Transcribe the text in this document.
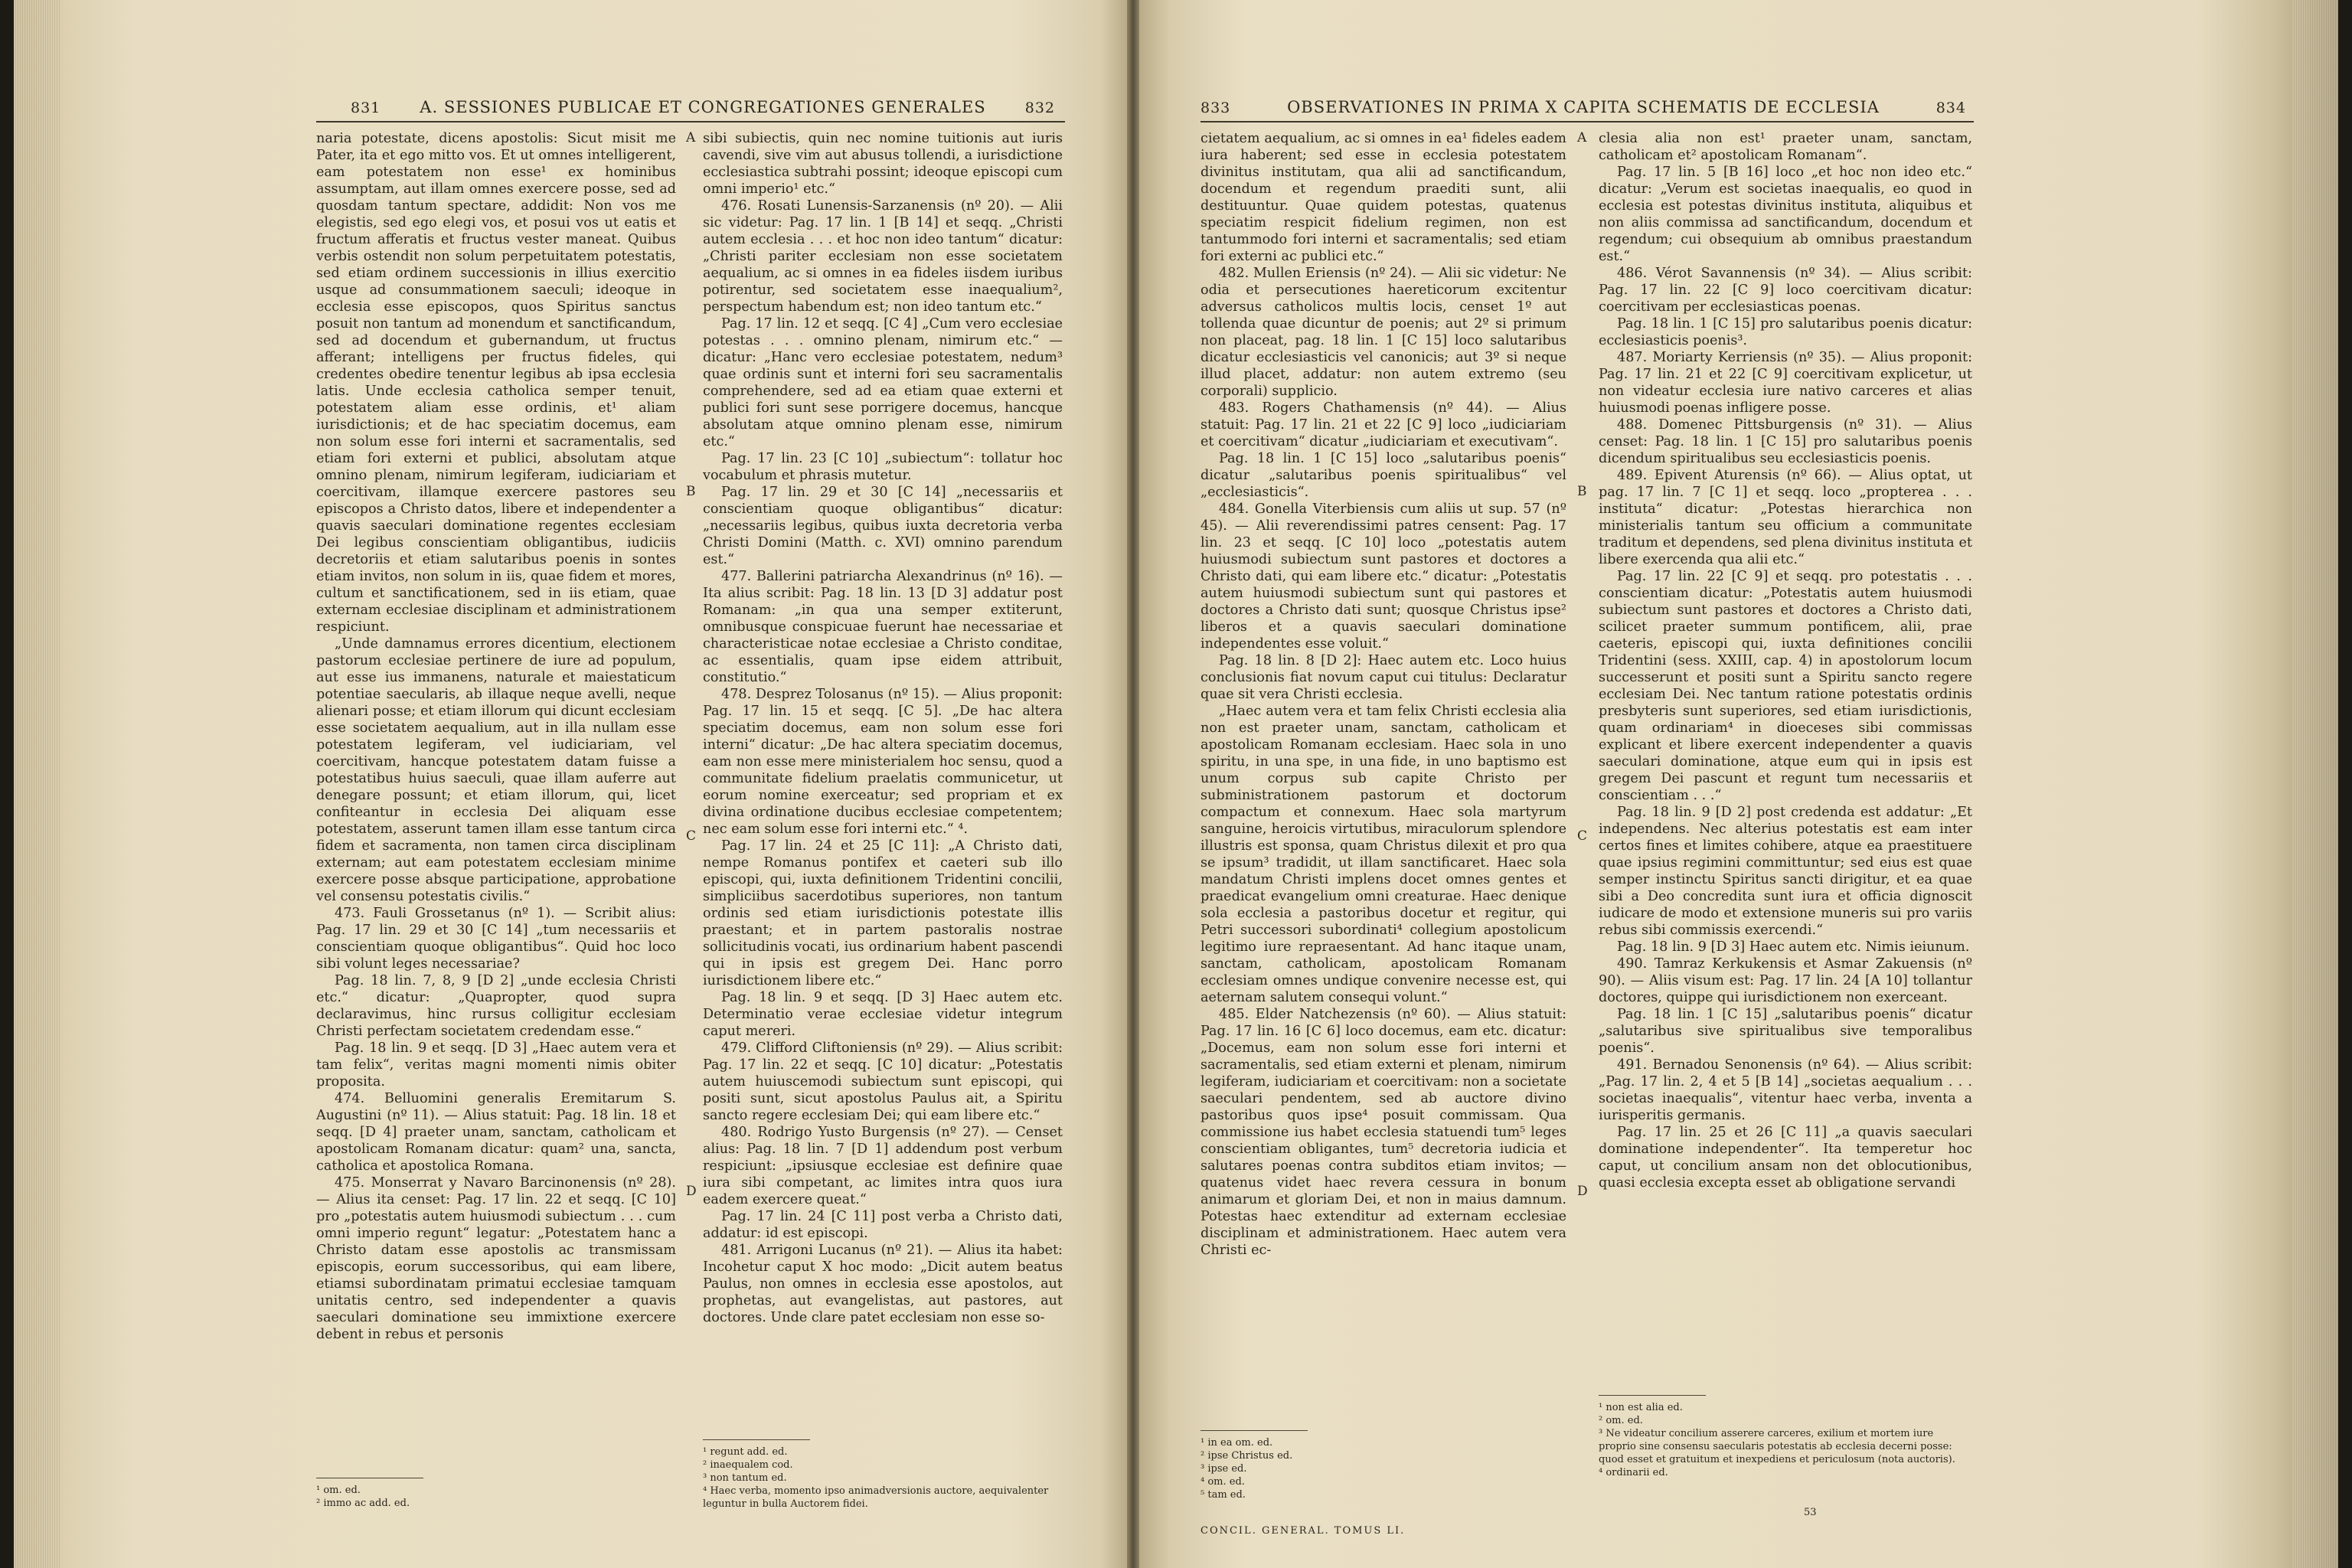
831 A. SESSIONES PUBLICAE ET CONGREGATIONES GENERALES	832

naria potestate, dicens apostolis: Sicut misit me Pater, ita et ego mitto vos. Et ut omnes intelligerent, eam potestatem non esse¹ ex hominibus assumptam, aut illam omnes exercere posse, sed ad quosdam tantum spectare, addidit: Non vos me elegistis, sed ego elegi vos, et posui vos ut eatis et fructum afferatis et fructus vester maneat. Quibus verbis ostendit non solum perpetuitatem potestatis, sed etiam ordinem successionis in illius exercitio usque ad consummationem saeculi; ideoque in ecclesia esse episcopos, quos Spiritus sanctus posuit non tantum ad monendum et sanctificandum, sed ad docendum et gubernandum, ut fructus afferant; intelligens per fructus fideles, qui credentes obedire tenentur legibus ab ipsa ecclesia latis. Unde ecclesia catholica semper tenuit, potestatem aliam esse ordinis, et¹ aliam iurisdictionis; et de hac speciatim docemus, eam non solum esse fori interni et sacramentalis, sed etiam fori externi et publici, absolutam atque omnino plenam, nimirum legiferam, iudiciariam et coercitivam, illamque exercere pastores seu episcopos a Christo datos, libere et independenter a quavis saeculari dominatione regentes ecclesiam Dei legibus conscientiam obligantibus, iudiciis decretoriis et etiam salutaribus poenis in sontes etiam invitos, non solum in iis, quae fidem et mores, cultum et sanctificationem, sed in iis etiam, quae externam ecclesiae disciplinam et administrationem respiciunt.

„Unde damnamus errores dicentium, electionem pastorum ecclesiae pertinere de iure ad populum, aut esse ius immanens, naturale et maiestaticum potentiae saecularis, ab illaque neque avelli, neque alienari posse; et etiam illorum qui dicunt ecclesiam esse societatem aequalium, aut in illa nullam esse potestatem legiferam, vel iudiciariam, vel coercitivam, hancque potestatem datam fuisse a potestatibus huius saeculi, quae illam auferre aut denegare possunt; et etiam illorum, qui, licet confiteantur in ecclesia Dei aliquam esse potestatem, asserunt tamen illam esse tantum circa fidem et sacramenta, non tamen circa disciplinam externam; aut eam potestatem ecclesiam minime exercere posse absque participatione, approbatione vel consensu potestatis civilis.“

473. Fauli Grossetanus (nº 1). — Scribit alius: Pag. 17 lin. 29 et 30 [C 14] „tum necessariis et conscientiam quoque obligantibus“. Quid hoc loco sibi volunt leges necessariae?

Pag. 18 lin. 7, 8, 9 [D 2] „unde ecclesia Christi etc.“ dicatur: „Quapropter, quod supra declaravimus, hinc rursus colligitur ecclesiam Christi perfectam societatem credendam esse.“

Pag. 18 lin. 9 et seqq. [D 3] „Haec autem vera et tam felix“, veritas magni momenti nimis obiter proposita.

474. Belluomini generalis Eremitarum S. Augustini (nº 11). — Alius statuit: Pag. 18 lin. 18 et seqq. [D 4] praeter unam, sanctam, catholicam et apostolicam Romanam dicatur: quam² una, sancta, catholica et apostolica Romana.

475. Monserrat y Navaro Barcinonensis (nº 28). — Alius ita censet: Pag. 17 lin. 22 et seqq. [C 10] pro „potestatis autem huiusmodi subiectum . . . cum omni imperio regunt“ legatur: „Potestatem hanc a Christo datam esse apostolis ac transmissam episcopis, eorum successoribus, qui eam libere, etiamsi subordinatam primatui ecclesiae tamquam unitatis centro, sed independenter a quavis saeculari dominatione seu immixtione exercere debent in rebus et personis

sibi subiectis, quin nec nomine tuitionis aut iuris cavendi, sive vim aut abusus tollendi, a iurisdictione ecclesiastica subtrahi possint; ideoque episcopi cum omni imperio¹ etc.“

476. Rosati Lunensis-Sarzanensis (nº 20). — Alii sic videtur: Pag. 17 lin. 1 [B 14] et seqq. „Christi autem ecclesia . . . et hoc non ideo tantum“ dicatur: „Christi pariter ecclesiam non esse societatem aequalium, ac si omnes in ea fideles iisdem iuribus potirentur, sed societatem esse inaequalium², perspectum habendum est; non ideo tantum etc.“

Pag. 17 lin. 12 et seqq. [C 4] „Cum vero ecclesiae potestas . . . omnino plenam, nimirum etc.“ — dicatur: „Hanc vero ecclesiae potestatem, nedum³ quae ordinis sunt et interni fori seu sacramentalis comprehendere, sed ad ea etiam quae externi et publici fori sunt sese porrigere docemus, hancque absolutam atque omnino plenam esse, nimirum etc.“

Pag. 17 lin. 23 [C 10] „subiectum“: tollatur hoc vocabulum et phrasis mutetur.

Pag. 17 lin. 29 et 30 [C 14] „necessariis et conscientiam quoque obligantibus“ dicatur: „necessariis legibus, quibus iuxta decretoria verba Christi Domini (Matth. c. XVI) omnino parendum est.“

477. Ballerini patriarcha Alexandrinus (nº 16). — Ita alius scribit: Pag. 18 lin. 13 [D 3] addatur post Romanam: „in qua una semper extiterunt, omnibusque conspicuae fuerunt hae necessariae et characteristicae notae ecclesiae a Christo conditae, ac essentialis, quam ipse eidem attribuit, constitutio.“

478. Desprez Tolosanus (nº 15). — Alius proponit: Pag. 17 lin. 15 et seqq. [C 5]. „De hac altera speciatim docemus, eam non solum esse fori interni“ dicatur: „De hac altera speciatim docemus, eam non esse mere ministerialem hoc sensu, quod a communitate fidelium praelatis communicetur, ut eorum nomine exerceatur; sed propriam et ex divina ordinatione ducibus ecclesiae competentem; nec eam solum esse fori interni etc.“ ⁴.

Pag. 17 lin. 24 et 25 [C 11]: „A Christo dati, nempe Romanus pontifex et caeteri sub illo episcopi, qui, iuxta definitionem Tridentini concilii, simpliciibus sacerdotibus superiores, non tantum ordinis sed etiam iurisdictionis potestate illis praestant; et in partem pastoralis nostrae sollicitudinis vocati, ius ordinarium habent pascendi qui in ipsis est gregem Dei. Hanc porro iurisdictionem libere etc.“

Pag. 18 lin. 9 et seqq. [D 3] Haec autem etc. Determinatio verae ecclesiae videtur integrum caput mereri.

479. Clifford Cliftoniensis (nº 29). — Alius scribit: Pag. 17 lin. 22 et seqq. [C 10] dicatur: „Potestatis autem huiuscemodi subiectum sunt episcopi, qui positi sunt, sicut apostolus Paulus ait, a Spiritu sancto regere ecclesiam Dei; qui eam libere etc.“

480. Rodrigo Yusto Burgensis (nº 27). — Censet alius: Pag. 18 lin. 7 [D 1] addendum post verbum respiciunt: „ipsiusque ecclesiae est definire quae iura sibi competant, ac limites intra quos iura eadem exercere queat.“

Pag. 17 lin. 24 [C 11] post verba a Christo dati, addatur: id est episcopi.

481. Arrigoni Lucanus (nº 21). — Alius ita habet: Incohetur caput X hoc modo: „Dicit autem beatus Paulus, non omnes in ecclesia esse apostolos, aut prophetas, aut evangelistas, aut pastores, aut doctores. Unde clare patet ecclesiam non esse so-

A
B
C
D
¹ om. ed.
² immo ac add. ed.
¹ regunt add. ed.
² inaequalem cod.
³ non tantum ed.
⁴ Haec verba, momento ipso animadversionis auctore, aequivalenter leguntur in bulla Auctorem fidei.
833	OBSERVATIONES IN PRIMA X CAPITA SCHEMATIS DE ECCLESIA	834

cietatem aequalium, ac si omnes in ea¹ fideles eadem iura haberent; sed esse in ecclesia potestatem divinitus institutam, qua alii ad sanctificandum, docendum et regendum praediti sunt, alii destituuntur. Quae quidem potestas, quatenus speciatim respicit fidelium regimen, non est tantummodo fori interni et sacramentalis; sed etiam fori externi ac publici etc.“

482. Mullen Eriensis (nº 24). — Alii sic videtur: Ne odia et persecutiones haereticorum excitentur adversus catholicos multis locis, censet 1º aut tollenda quae dicuntur de poenis; aut 2º si primum non placeat, pag. 18 lin. 1 [C 15] loco salutaribus dicatur ecclesiasticis vel canonicis; aut 3º si neque illud placet, addatur: non autem extremo (seu corporali) supplicio.

483. Rogers Chathamensis (nº 44). — Alius statuit: Pag. 17 lin. 21 et 22 [C 9] loco „iudiciariam et coercitivam“ dicatur „iudiciariam et executivam“.

Pag. 18 lin. 1 [C 15] loco „salutaribus poenis“ dicatur „salutaribus poenis spiritualibus“ vel „ecclesiasticis“.

484. Gonella Viterbiensis cum aliis ut sup. 57 (nº 45). — Alii reverendissimi patres censent: Pag. 17 lin. 23 et seqq. [C 10] loco „potestatis autem huiusmodi subiectum sunt pastores et doctores a Christo dati, qui eam libere etc.“ dicatur: „Potestatis autem huiusmodi subiectum sunt qui pastores et doctores a Christo dati sunt; quosque Christus ipse² liberos et a quavis saeculari dominatione independentes esse voluit.“

Pag. 18 lin. 8 [D 2]: Haec autem etc. Loco huius conclusionis fiat novum caput cui titulus: Declaratur quae sit vera Christi ecclesia.

„Haec autem vera et tam felix Christi ecclesia alia non est praeter unam, sanctam, catholicam et apostolicam Romanam ecclesiam. Haec sola in uno spiritu, in una spe, in una fide, in uno baptismo est unum corpus sub capite Christo per subministrationem pastorum et doctorum compactum et connexum. Haec sola martyrum sanguine, heroicis virtutibus, miraculorum splendore illustris est sponsa, quam Christus dilexit et pro qua se ipsum³ tradidit, ut illam sanctificaret. Haec sola mandatum Christi implens docet omnes gentes et praedicat evangelium omni creaturae. Haec denique sola ecclesia a pastoribus docetur et regitur, qui Petri successori subordinati⁴ collegium apostolicum legitimo iure repraesentant. Ad hanc itaque unam, sanctam, catholicam, apostolicam Romanam ecclesiam omnes undique convenire necesse est, qui aeternam salutem consequi volunt.“

485. Elder Natchezensis (nº 60). — Alius statuit: Pag. 17 lin. 16 [C 6] loco docemus, eam etc. dicatur: „Docemus, eam non solum esse fori interni et sacramentalis, sed etiam externi et plenam, nimirum legiferam, iudiciariam et coercitivam: non a societate saeculari pendentem, sed ab auctore divino pastoribus quos ipse⁴ posuit commissam. Qua commissione ius habet ecclesia statuendi tum⁵ leges conscientiam obligantes, tum⁵ decretoria iudicia et salutares poenas contra subditos etiam invitos; — quatenus videt haec revera cessura in bonum animarum et gloriam Dei, et non in maius damnum. Potestas haec extenditur ad externam ecclesiae disciplinam et administrationem. Haec autem vera Christi ec-

clesia alia non est¹ praeter unam, sanctam, catholicam et² apostolicam Romanam“.

Pag. 17 lin. 5 [B 16] loco „et hoc non ideo etc.“ dicatur: „Verum est societas inaequalis, eo quod in ecclesia est potestas divinitus instituta, aliquibus et non aliis commissa ad sanctificandum, docendum et regendum; cui obsequium ab omnibus praestandum est.“

486. Vérot Savannensis (nº 34). — Alius scribit: Pag. 17 lin. 22 [C 9] loco coercitivam dicatur: coercitivam per ecclesiasticas poenas.

Pag. 18 lin. 1 [C 15] pro salutaribus poenis dicatur: ecclesiasticis poenis³.

487. Moriarty Kerriensis (nº 35). — Alius proponit: Pag. 17 lin. 21 et 22 [C 9] coercitivam explicetur, ut non videatur ecclesia iure nativo carceres et alias huiusmodi poenas infligere posse.

488. Domenec Pittsburgensis (nº 31). — Alius censet: Pag. 18 lin. 1 [C 15] pro salutaribus poenis dicendum spiritualibus seu ecclesiasticis poenis.

489. Epivent Aturensis (nº 66). — Alius optat, ut pag. 17 lin. 7 [C 1] et seqq. loco „propterea . . . instituta“ dicatur: „Potestas hierarchica non ministerialis tantum seu officium a communitate traditum et dependens, sed plena divinitus instituta et libere exercenda qua alii etc.“

Pag. 17 lin. 22 [C 9] et seqq. pro potestatis . . . conscientiam dicatur: „Potestatis autem huiusmodi subiectum sunt pastores et doctores a Christo dati, scilicet praeter summum pontificem, alii, prae caeteris, episcopi qui, iuxta definitiones concilii Tridentini (sess. XXIII, cap. 4) in apostolorum locum successerunt et positi sunt a Spiritu sancto regere ecclesiam Dei. Nec tantum ratione potestatis ordinis presbyteris sunt superiores, sed etiam iurisdictionis, quam ordinariam⁴ in dioeceses sibi commissas explicant et libere exercent independenter a quavis saeculari dominatione, atque eum qui in ipsis est gregem Dei pascunt et regunt tum necessariis et conscientiam . . .“

Pag. 18 lin. 9 [D 2] post credenda est addatur: „Et independens. Nec alterius potestatis est eam inter certos fines et limites cohibere, atque ea praestituere quae ipsius regimini committuntur; sed eius est quae semper instinctu Spiritus sancti dirigitur, et ea quae sibi a Deo concredita sunt iura et officia dignoscit iudicare de modo et extensione muneris sui pro variis rebus sibi commissis exercendi.“

Pag. 18 lin. 9 [D 3] Haec autem etc. Nimis ieiunum.

490. Tamraz Kerkukensis et Asmar Zakuensis (nº 90). — Aliis visum est: Pag. 17 lin. 24 [A 10] tollantur doctores, quippe qui iurisdictionem non exerceant.

Pag. 18 lin. 1 [C 15] „salutaribus poenis“ dicatur „salutaribus sive spiritualibus sive temporalibus poenis“.

491. Bernadou Senonensis (nº 64). — Alius scribit: „Pag. 17 lin. 2, 4 et 5 [B 14] „societas aequalium . . . societas inaequalis“, vitentur haec verba, inventa a iurisperitis germanis.

Pag. 17 lin. 25 et 26 [C 11] „a quavis saeculari dominatione independenter“. Ita temperetur hoc caput, ut concilium ansam non det oblocutionibus, quasi ecclesia excepta esset ab obligatione servandi

A
B
C
D
¹ in ea om. ed.
² ipse Christus ed.
³ ipse ed.
⁴ om. ed.
⁵ tam ed.
¹ non est alia ed.
² om. ed.
³ Ne videatur concilium asserere carceres, exilium et mortem iure proprio sine consensu saecularis potestatis ab ecclesia decerni posse: quod esset et gratuitum et inexpediens et periculosum (nota auctoris).
⁴ ordinarii ed.
CONCIL. GENERAL. TOMUS LI.
53
